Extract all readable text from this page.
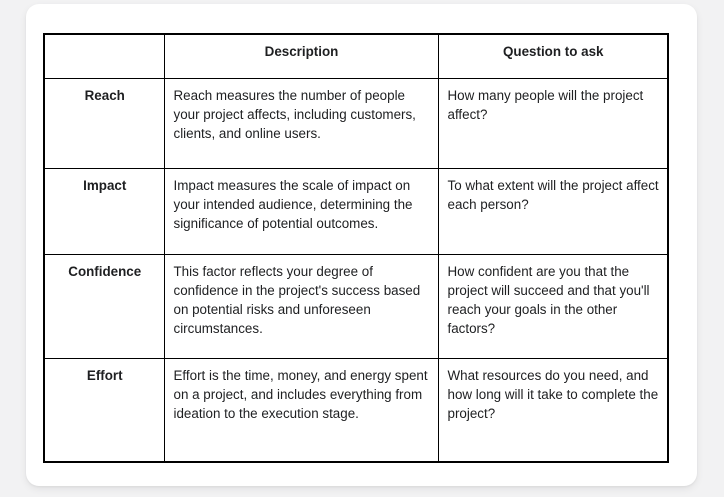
	Description	Question to ask
Reach	Reach measures the number of people your project affects, including customers, clients, and online users.	How many people will the project affect?
Impact	Impact measures the scale of impact on your intended audience, determining the significance of potential outcomes.	To what extent will the project affect each person?
Confidence	This factor reflects your degree of confidence in the project's success based on potential risks and unforeseen circumstances.	How confident are you that the project will succeed and that you'll reach your goals in the other factors?
Effort	Effort is the time, money, and energy spent on a project, and includes everything from ideation to the execution stage.	What resources do you need, and how long will it take to complete the project?
